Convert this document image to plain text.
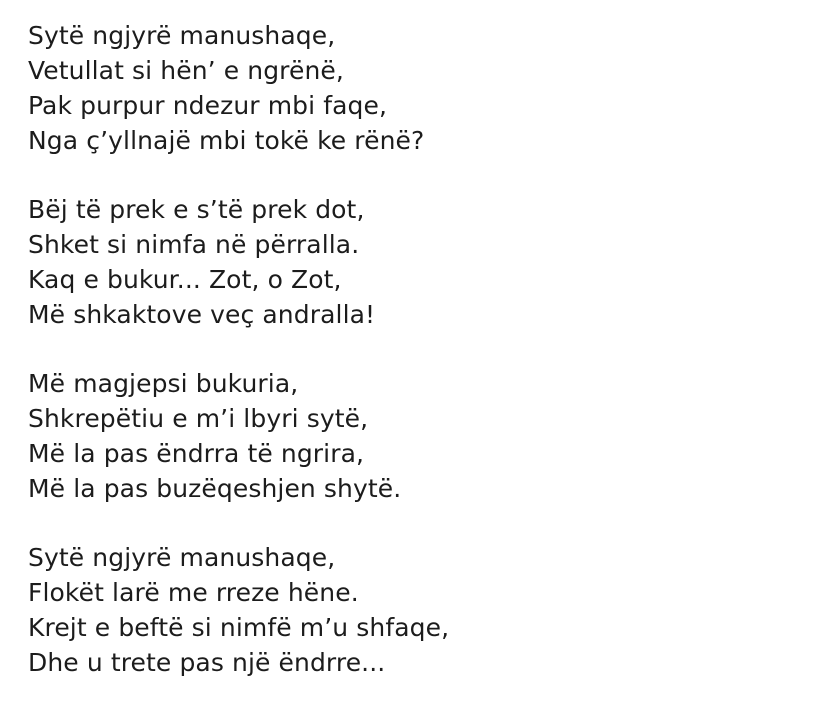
Sytë ngjyrë manushaqe,
Vetullat si hën’ e ngrënë,
Pak purpur ndezur mbi faqe,
Nga ç’yllnajë mbi tokë ke rënë?
Bëj të prek e s’të prek dot,
Shket si nimfa në përralla.
Kaq e bukur... Zot, o Zot,
Më shkaktove veç andralla!
Më magjepsi bukuria,
Shkrepëtiu e m’i lbyri sytë,
Më la pas ëndrra të ngrira,
Më la pas buzëqeshjen shytë.
Sytë ngjyrë manushaqe,
Flokët larë me rreze hëne.
Krejt e beftë si nimfë m’u shfaqe,
Dhe u trete pas një ëndrre...
